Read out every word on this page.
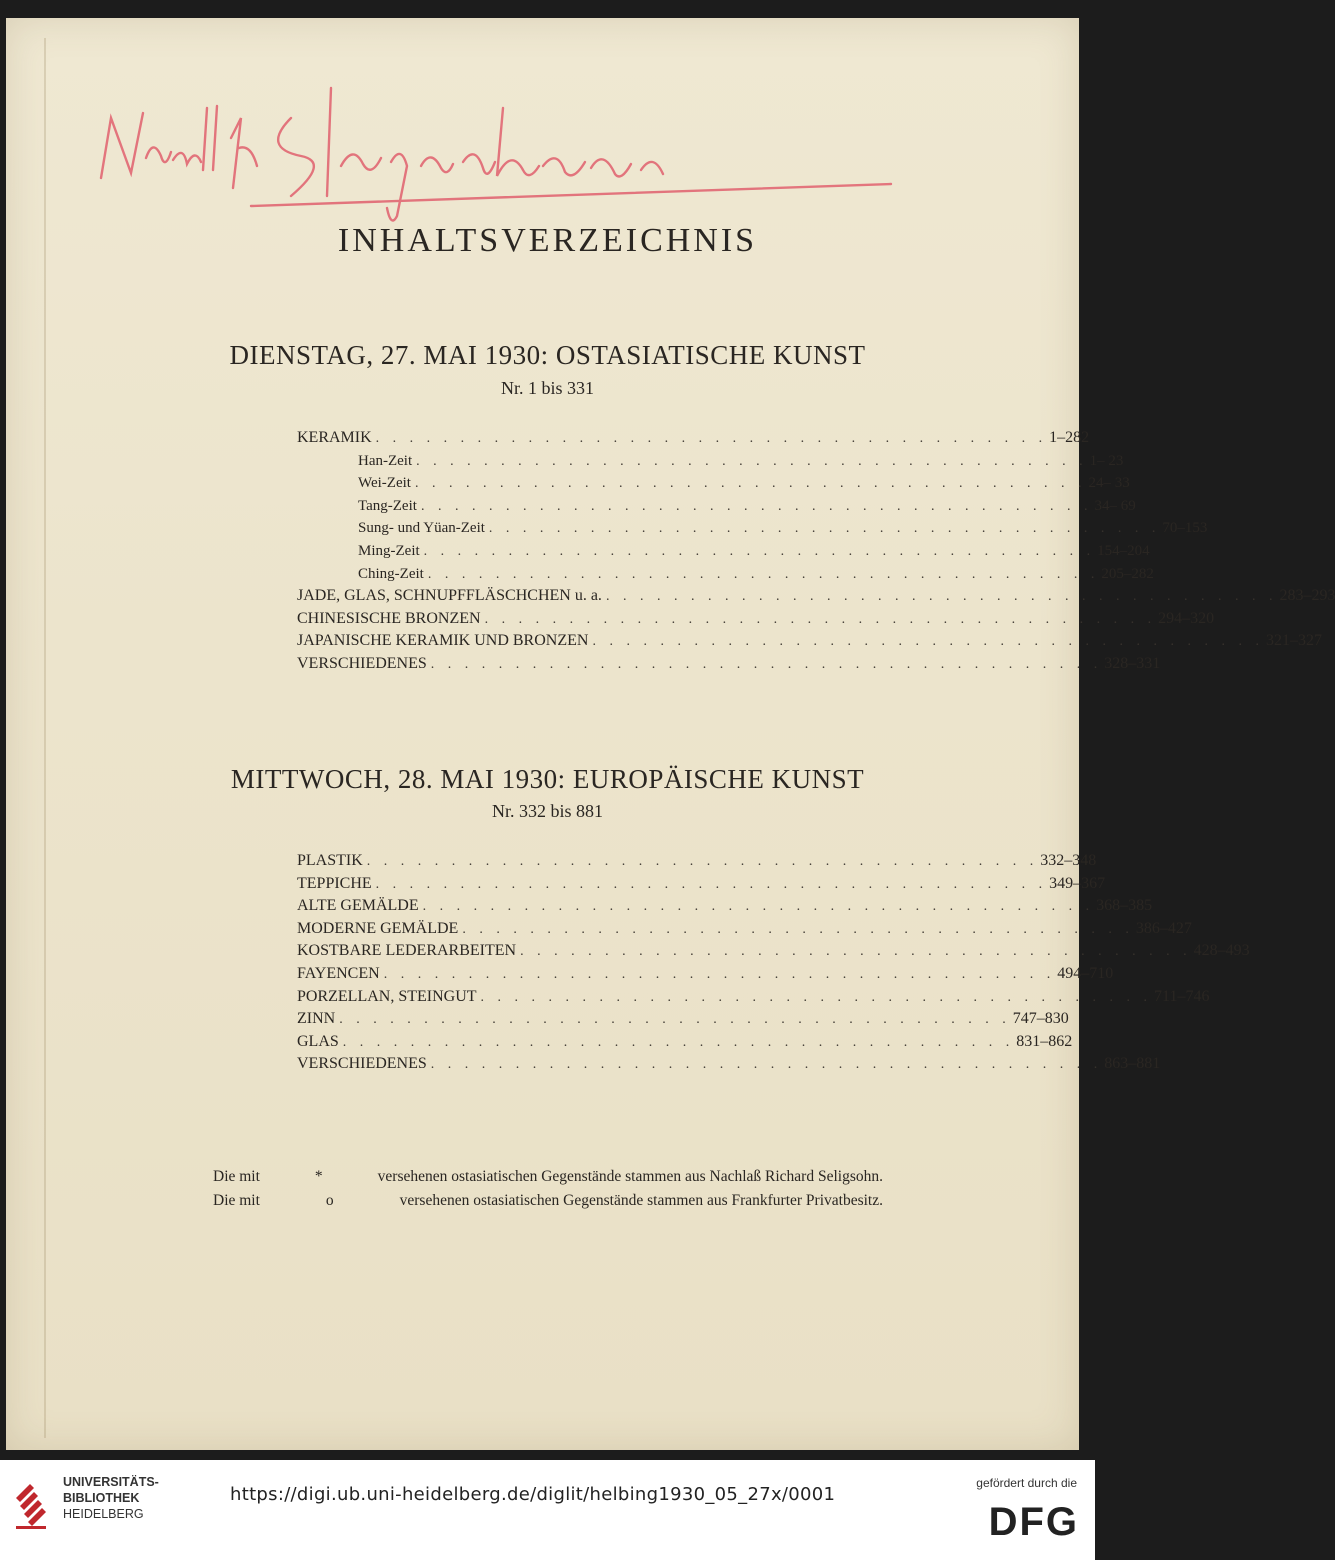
INHALTSVERZEICHNIS
DIENSTAG, 27. MAI 1930: OSTASIATISCHE KUNST
Nr. 1 bis 331
KERAMIK . . . . . . . . . . . . . . . . . . . . . . . . . . . . . . . . . . . . . . . . 1–282
Han-Zeit . . . . . . . . . . . . . . . . . . . . . . . . . . . . . . . . . . . . . . . . 1– 23
Wei-Zeit . . . . . . . . . . . . . . . . . . . . . . . . . . . . . . . . . . . . . . . . 24– 33
Tang-Zeit . . . . . . . . . . . . . . . . . . . . . . . . . . . . . . . . . . . . . . . . 34– 69
Sung- und Yüan-Zeit . . . . . . . . . . . . . . . . . . . . . . . . . . . . . . . . . . . . . . . . 70–153
Ming-Zeit . . . . . . . . . . . . . . . . . . . . . . . . . . . . . . . . . . . . . . . . 154–204
Ching-Zeit . . . . . . . . . . . . . . . . . . . . . . . . . . . . . . . . . . . . . . . . 205–282
JADE, GLAS, SCHNUPFFLÄSCHCHEN u. a. . . . . . . . . . . . . . . . . . . . . . . . . . . . . . . . . . . . . . . . . 283–293
CHINESISCHE BRONZEN . . . . . . . . . . . . . . . . . . . . . . . . . . . . . . . . . . . . . . . . 294–320
JAPANISCHE KERAMIK UND BRONZEN . . . . . . . . . . . . . . . . . . . . . . . . . . . . . . . . . . . . . . . . 321–327
VERSCHIEDENES . . . . . . . . . . . . . . . . . . . . . . . . . . . . . . . . . . . . . . . . 328–331
MITTWOCH, 28. MAI 1930: EUROPÄISCHE KUNST
Nr. 332 bis 881
PLASTIK . . . . . . . . . . . . . . . . . . . . . . . . . . . . . . . . . . . . . . . . 332–348
TEPPICHE . . . . . . . . . . . . . . . . . . . . . . . . . . . . . . . . . . . . . . . . 349–367
ALTE GEMÄLDE . . . . . . . . . . . . . . . . . . . . . . . . . . . . . . . . . . . . . . . . 368–385
MODERNE GEMÄLDE . . . . . . . . . . . . . . . . . . . . . . . . . . . . . . . . . . . . . . . . 386–427
KOSTBARE LEDERARBEITEN . . . . . . . . . . . . . . . . . . . . . . . . . . . . . . . . . . . . . . . . 428–493
FAYENCEN . . . . . . . . . . . . . . . . . . . . . . . . . . . . . . . . . . . . . . . . 494–710
PORZELLAN, STEINGUT . . . . . . . . . . . . . . . . . . . . . . . . . . . . . . . . . . . . . . . . 711–746
ZINN . . . . . . . . . . . . . . . . . . . . . . . . . . . . . . . . . . . . . . . . 747–830
GLAS . . . . . . . . . . . . . . . . . . . . . . . . . . . . . . . . . . . . . . . . 831–862
VERSCHIEDENES . . . . . . . . . . . . . . . . . . . . . . . . . . . . . . . . . . . . . . . . 863–881
Die mit	*	versehenen ostasiatischen Gegenstände stammen aus Nachlaß Richard Seligsohn.
Die mit	o	versehenen ostasiatischen Gegenstände stammen aus Frankfurter Privatbesitz.
UNIVERSITÄTS-
BIBLIOTHEK
HEIDELBERG
https://digi.ub.uni-heidelberg.de/diglit/helbing1930_05_27x/0001
gefördert durch die
DFG
